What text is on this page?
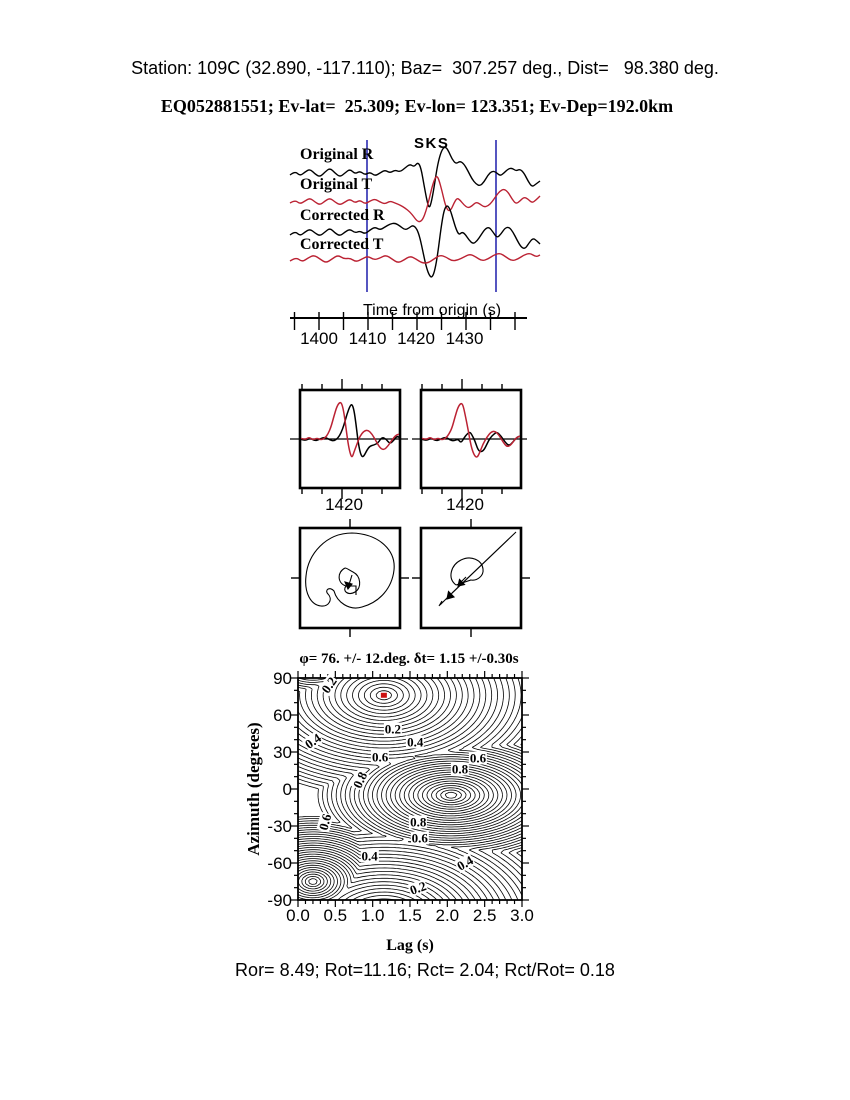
Station: 109C (32.890, -117.110); Baz=  307.257 deg., Dist=   98.380 deg.
EQ052881551; Ev-lat=  25.309; Ev-lon= 123.351; Ev-Dep=192.0km
SKS
Original R
Original T
Corrected R
Corrected T
Time from origin (s)
1420	1420
φ= 76. +/- 12.deg. δt= 1.15 +/-0.30s
Azimuth (degrees)
Lag (s)
Ror= 8.49; Rot=11.16; Rct= 2.04; Rct/Rot= 0.18
0.0 0.5 1.0 1.5 2.0 2.5 3.0
90
60
30
0
-30
-60
-90
0.2
0.2
0.4
0.4
0.6	0.6
0.8
0.8
0.6	0.8
0.6
0.4	0.4
0.2
1400 1410 1420 1430
